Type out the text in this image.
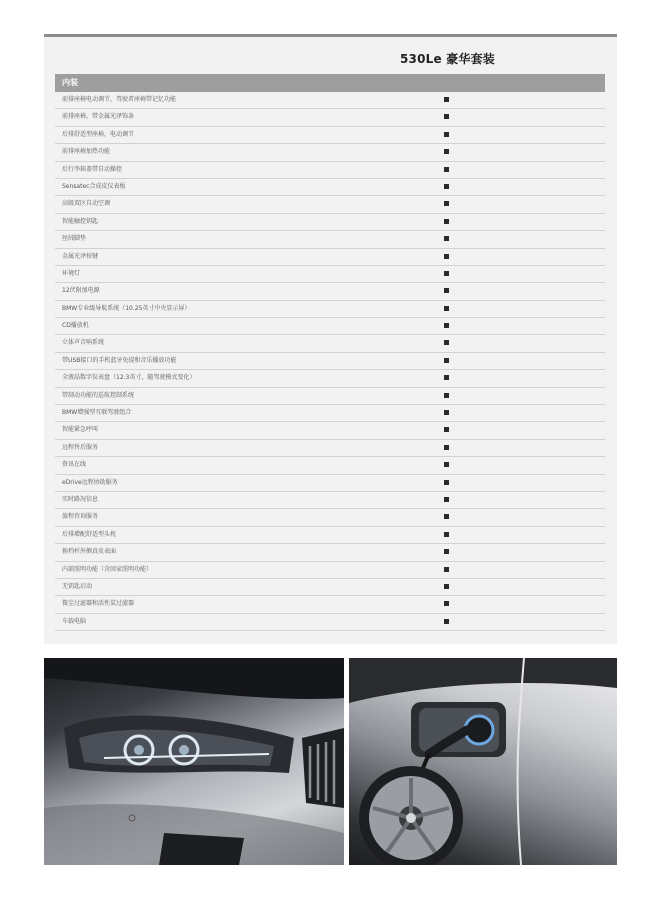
530Le 豪华套装
内装
前排座椅电动调节，驾驶者座椅带记忆功能
前排座椅，带金属光泽饰条
后排舒适型座椅，电动调节
前排座椅加热功能
后行李箱盖带自动操控
Sensatec合成皮仪表板
高级双区自动空调
智能触控钥匙
丝绒脚垫
金属光泽按键
环境灯
12伏附加电源
BMW专业级导航系统（10.25英寸中央显示屏）
CD播放机
立体声音响系统
带USB接口的手机蓝牙免提和音乐播放功能
全液晶数字仪表盘（12.3英寸，随驾驶模式变化）
带制动功能的巡航控制系统
BMW增强型互联驾驶组合
智能紧急呼叫
远程售后服务
资讯在线
eDrive远程协助服务
实时路况信息
旅程咨询服务
后排增配舒适型头枕
换档杆外侧真皮表面
内部照明功能（含回家照明功能）
无钥匙启动
微尘过滤器和活性炭过滤器
车载电脑
